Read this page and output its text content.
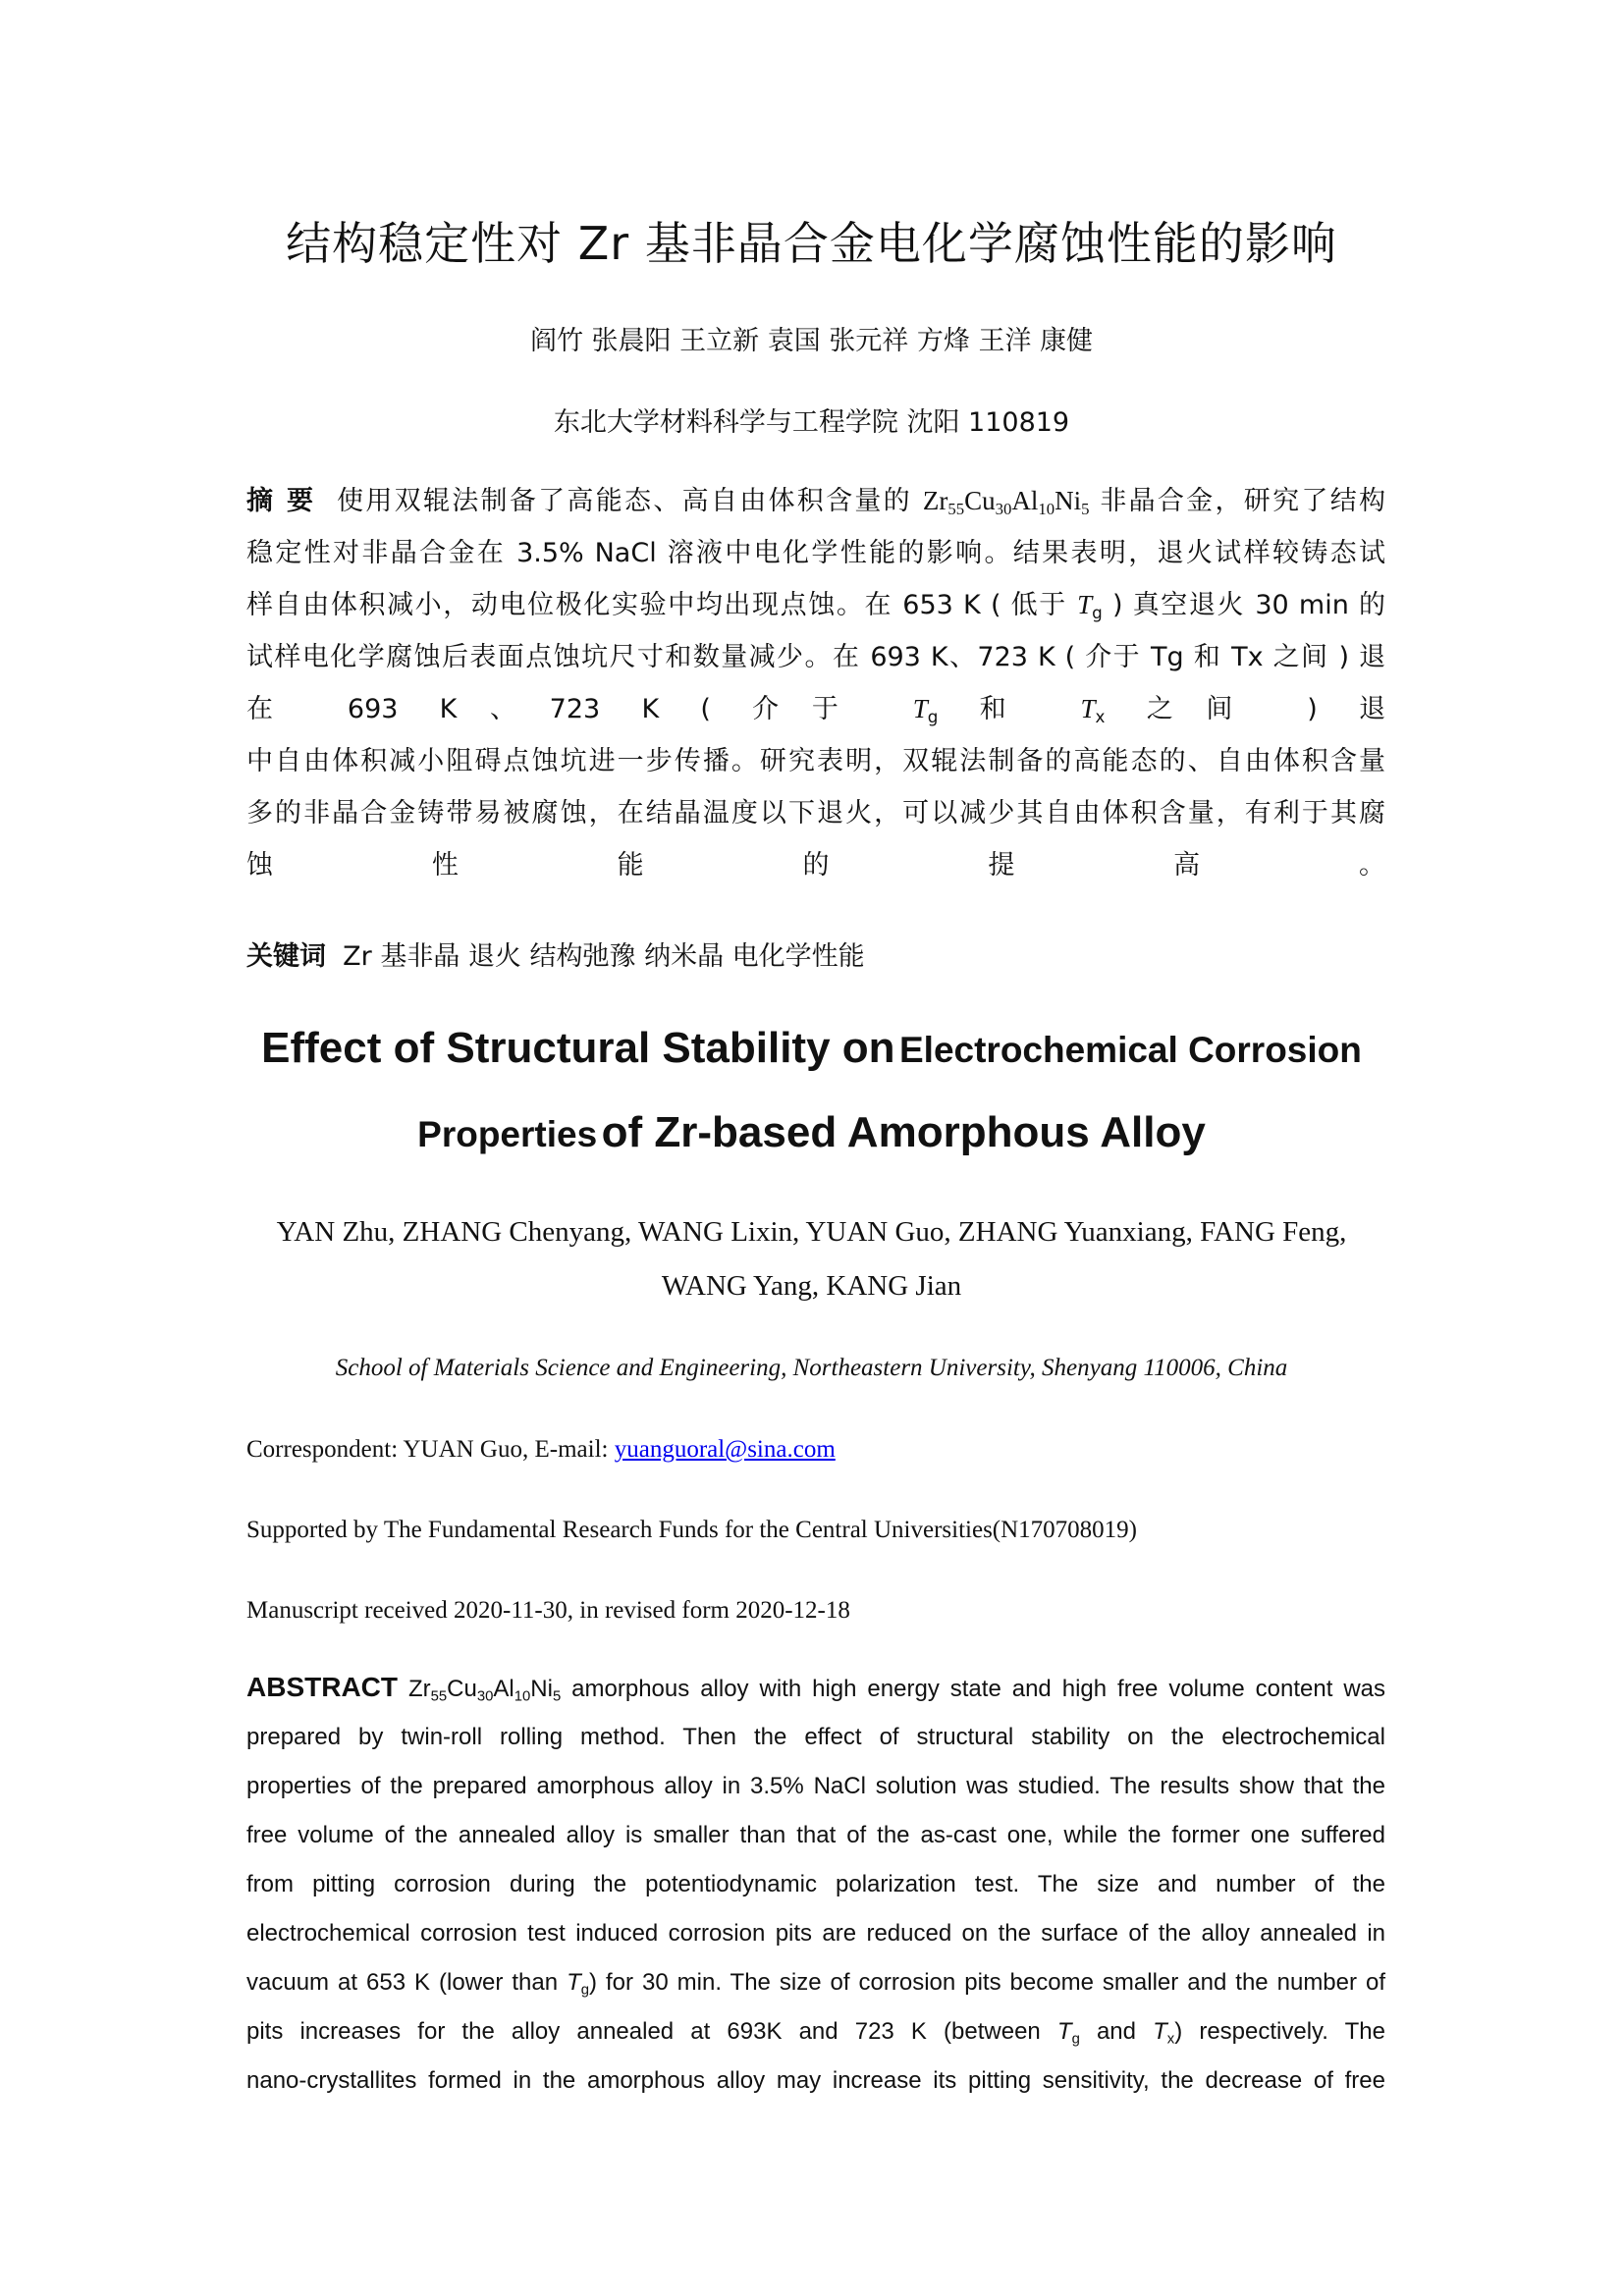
结构稳定性对 Zr 基非晶合金电化学腐蚀性能的影响
阎竹 张晨阳 王立新 袁国 张元祥 方烽 王洋 康健
东北大学材料科学与工程学院 沈阳 110819
摘 要 使用双辊法制备了高能态、高自由体积含量的 $Zr_{55}Cu_{30}Al_{10}Ni_5$ 非晶合金，研究了结构
稳定性对非晶合金在 3.5% NaCl 溶液中电化学性能的影响。结果表明，退火试样较铸态试
样自由体积减小，动电位极化实验中均出现点蚀。在 653 K ( 低于 $T_g$ ) 真空退火 30 min 的
试样电化学腐蚀后表面点蚀坑尺寸和数量减少。在 693 K、723 K ( 介于 Tg 和 Tx 之间 ) 退
在 693 K、723 K ( 介于 $T_g$ 和 $T_x$ 之间 ) 退
中自由体积减小阻碍点蚀坑进一步传播。研究表明，双辊法制备的高能态的、自由体积含量
多的非晶合金铸带易被腐蚀，在结晶温度以下退火，可以减少其自由体积含量，有利于其腐
蚀性能的提高。
关键词 Zr 基非晶 退火 结构弛豫 纳米晶 电化学性能
Effect of Structural Stability on Electrochemical Corrosion
Properties of Zr-based Amorphous Alloy
YAN Zhu, ZHANG Chenyang, WANG Lixin, YUAN Guo, ZHANG Yuanxiang, FANG Feng,
WANG Yang, KANG Jian
School of Materials Science and Engineering, Northeastern University, Shenyang 110006, China
Correspondent: YUAN Guo, E-mail: yuanguoral@sina.com
Supported by The Fundamental Research Funds for the Central Universities(N170708019)
Manuscript received 2020-11-30, in revised form 2020-12-18
ABSTRACT $Zr_{55}Cu_{30}Al_{10}Ni_5$ amorphous alloy with high energy state and high free volume content was
prepared by twin-roll rolling method. Then the effect of structural stability on the electrochemical
properties of the prepared amorphous alloy in 3.5% NaCl solution was studied. The results show that the
free volume of the annealed alloy is smaller than that of the as-cast one, while the former one suffered
from pitting corrosion during the potentiodynamic polarization test. The size and number of the
electrochemical corrosion test induced corrosion pits are reduced on the surface of the alloy annealed in
vacuum at 653 K (lower than $T_g$) for 30 min. The size of corrosion pits become smaller and the number of
pits increases for the alloy annealed at 693K and 723 K (between $T_g$ and $T_x$) respectively. The
nano-crystallites formed in the amorphous alloy may increase its pitting sensitivity, the decrease of free
